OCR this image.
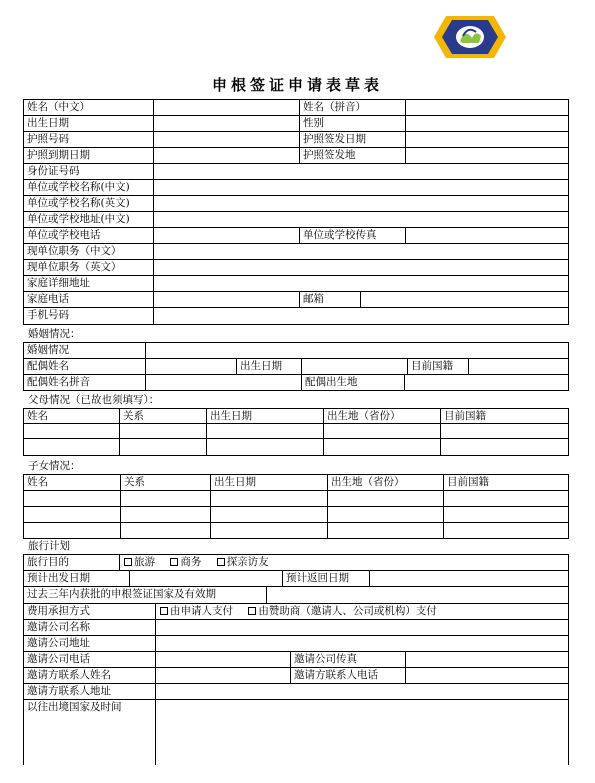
申根签证申请表草表
姓名（中文）	姓名（拼音）
出生日期	性别
护照号码	护照签发日期
护照到期日期	护照签发地
身份证号码
单位或学校名称(中文)
单位或学校名称(英文)
单位或学校地址(中文)
单位或学校电话	单位或学校传真
现单位职务（中文）
现单位职务（英文）
家庭详细地址
家庭电话	邮箱
手机号码
婚姻情况：
婚姻情况
配偶姓名	出生日期	目前国籍
配偶姓名拼音	配偶出生地
父母情况（已故也须填写）：
姓名	关系	出生日期	出生地（省份）	目前国籍
子女情况：
姓名	关系	出生日期	出生地（省份）	目前国籍
旅行计划
旅行目的	旅游 商务 探亲访友
预计出发日期	预计返回日期
过去三年内获批的申根签证国家及有效期
费用承担方式	由申请人支付 由赞助商（邀请人、公司或机构）支付
邀请公司名称
邀请公司地址
邀请公司电话	邀请公司传真
邀请方联系人姓名	邀请方联系人电话
邀请方联系人地址
以往出境国家及时间
